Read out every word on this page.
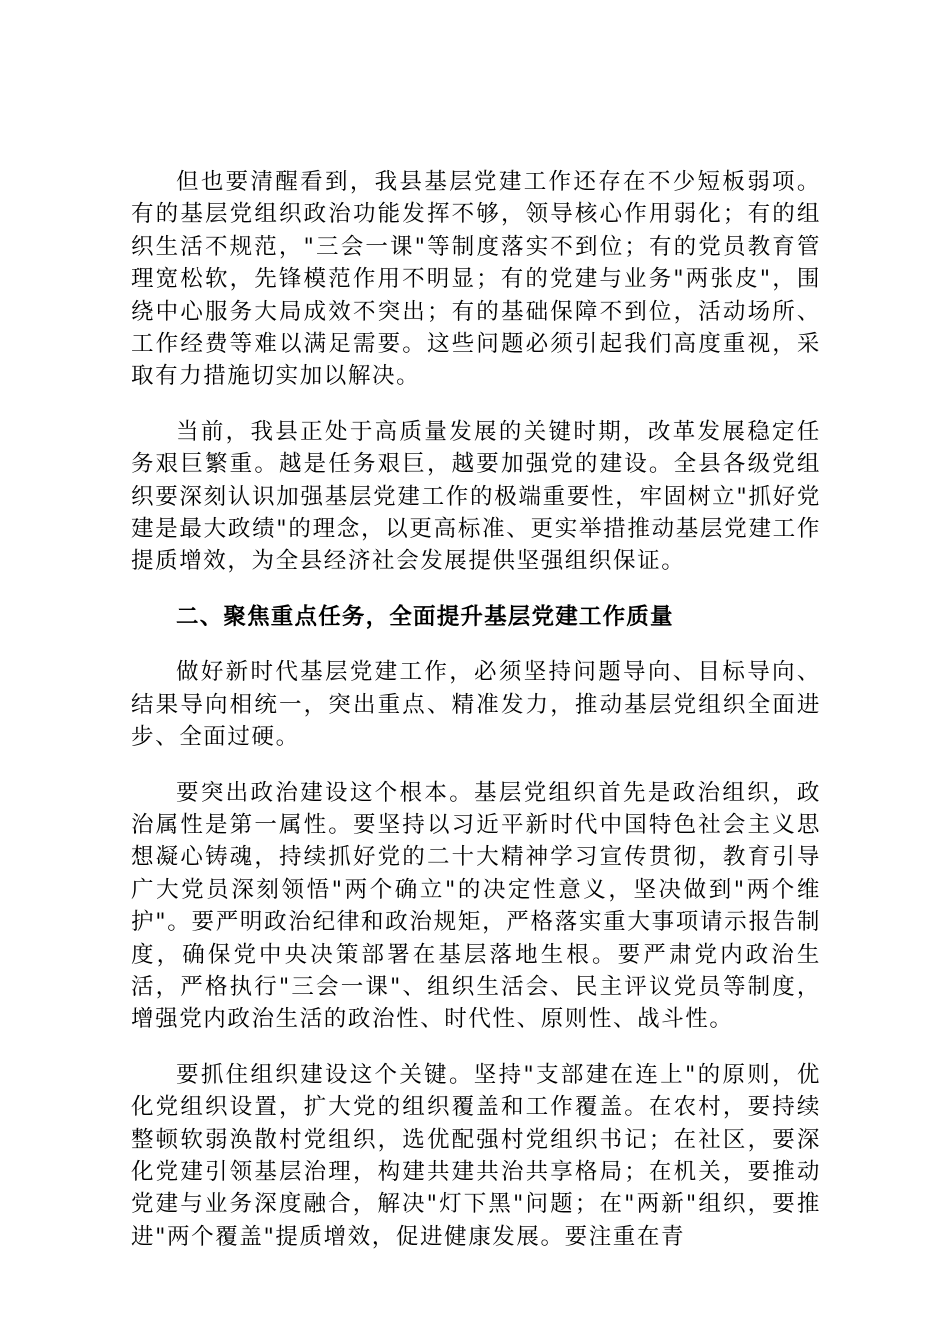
但也要清醒看到，我县基层党建工作还存在不少短板弱项。有的基层党组织政治功能发挥不够，领导核心作用弱化；有的组织生活不规范，"三会一课"等制度落实不到位；有的党员教育管理宽松软，先锋模范作用不明显；有的党建与业务"两张皮"，围绕中心服务大局成效不突出；有的基础保障不到位，活动场所、工作经费等难以满足需要。这些问题必须引起我们高度重视，采取有力措施切实加以解决。

当前，我县正处于高质量发展的关键时期，改革发展稳定任务艰巨繁重。越是任务艰巨，越要加强党的建设。全县各级党组织要深刻认识加强基层党建工作的极端重要性，牢固树立"抓好党建是最大政绩"的理念，以更高标准、更实举措推动基层党建工作提质增效，为全县经济社会发展提供坚强组织保证。

二、聚焦重点任务，全面提升基层党建工作质量

做好新时代基层党建工作，必须坚持问题导向、目标导向、结果导向相统一，突出重点、精准发力，推动基层党组织全面进步、全面过硬。

要突出政治建设这个根本。基层党组织首先是政治组织，政治属性是第一属性。要坚持以习近平新时代中国特色社会主义思想凝心铸魂，持续抓好党的二十大精神学习宣传贯彻，教育引导广大党员深刻领悟"两个确立"的决定性意义，坚决做到"两个维护"。要严明政治纪律和政治规矩，严格落实重大事项请示报告制度，确保党中央决策部署在基层落地生根。要严肃党内政治生活，严格执行"三会一课"、组织生活会、民主评议党员等制度，增强党内政治生活的政治性、时代性、原则性、战斗性。

要抓住组织建设这个关键。坚持"支部建在连上"的原则，优化党组织设置，扩大党的组织覆盖和工作覆盖。在农村，要持续整顿软弱涣散村党组织，选优配强村党组织书记；在社区，要深化党建引领基层治理，构建共建共治共享格局；在机关，要推动党建与业务深度融合，解决"灯下黑"问题；在"两新"组织，要推进"两个覆盖"提质增效，促进健康发展。要注重在青
